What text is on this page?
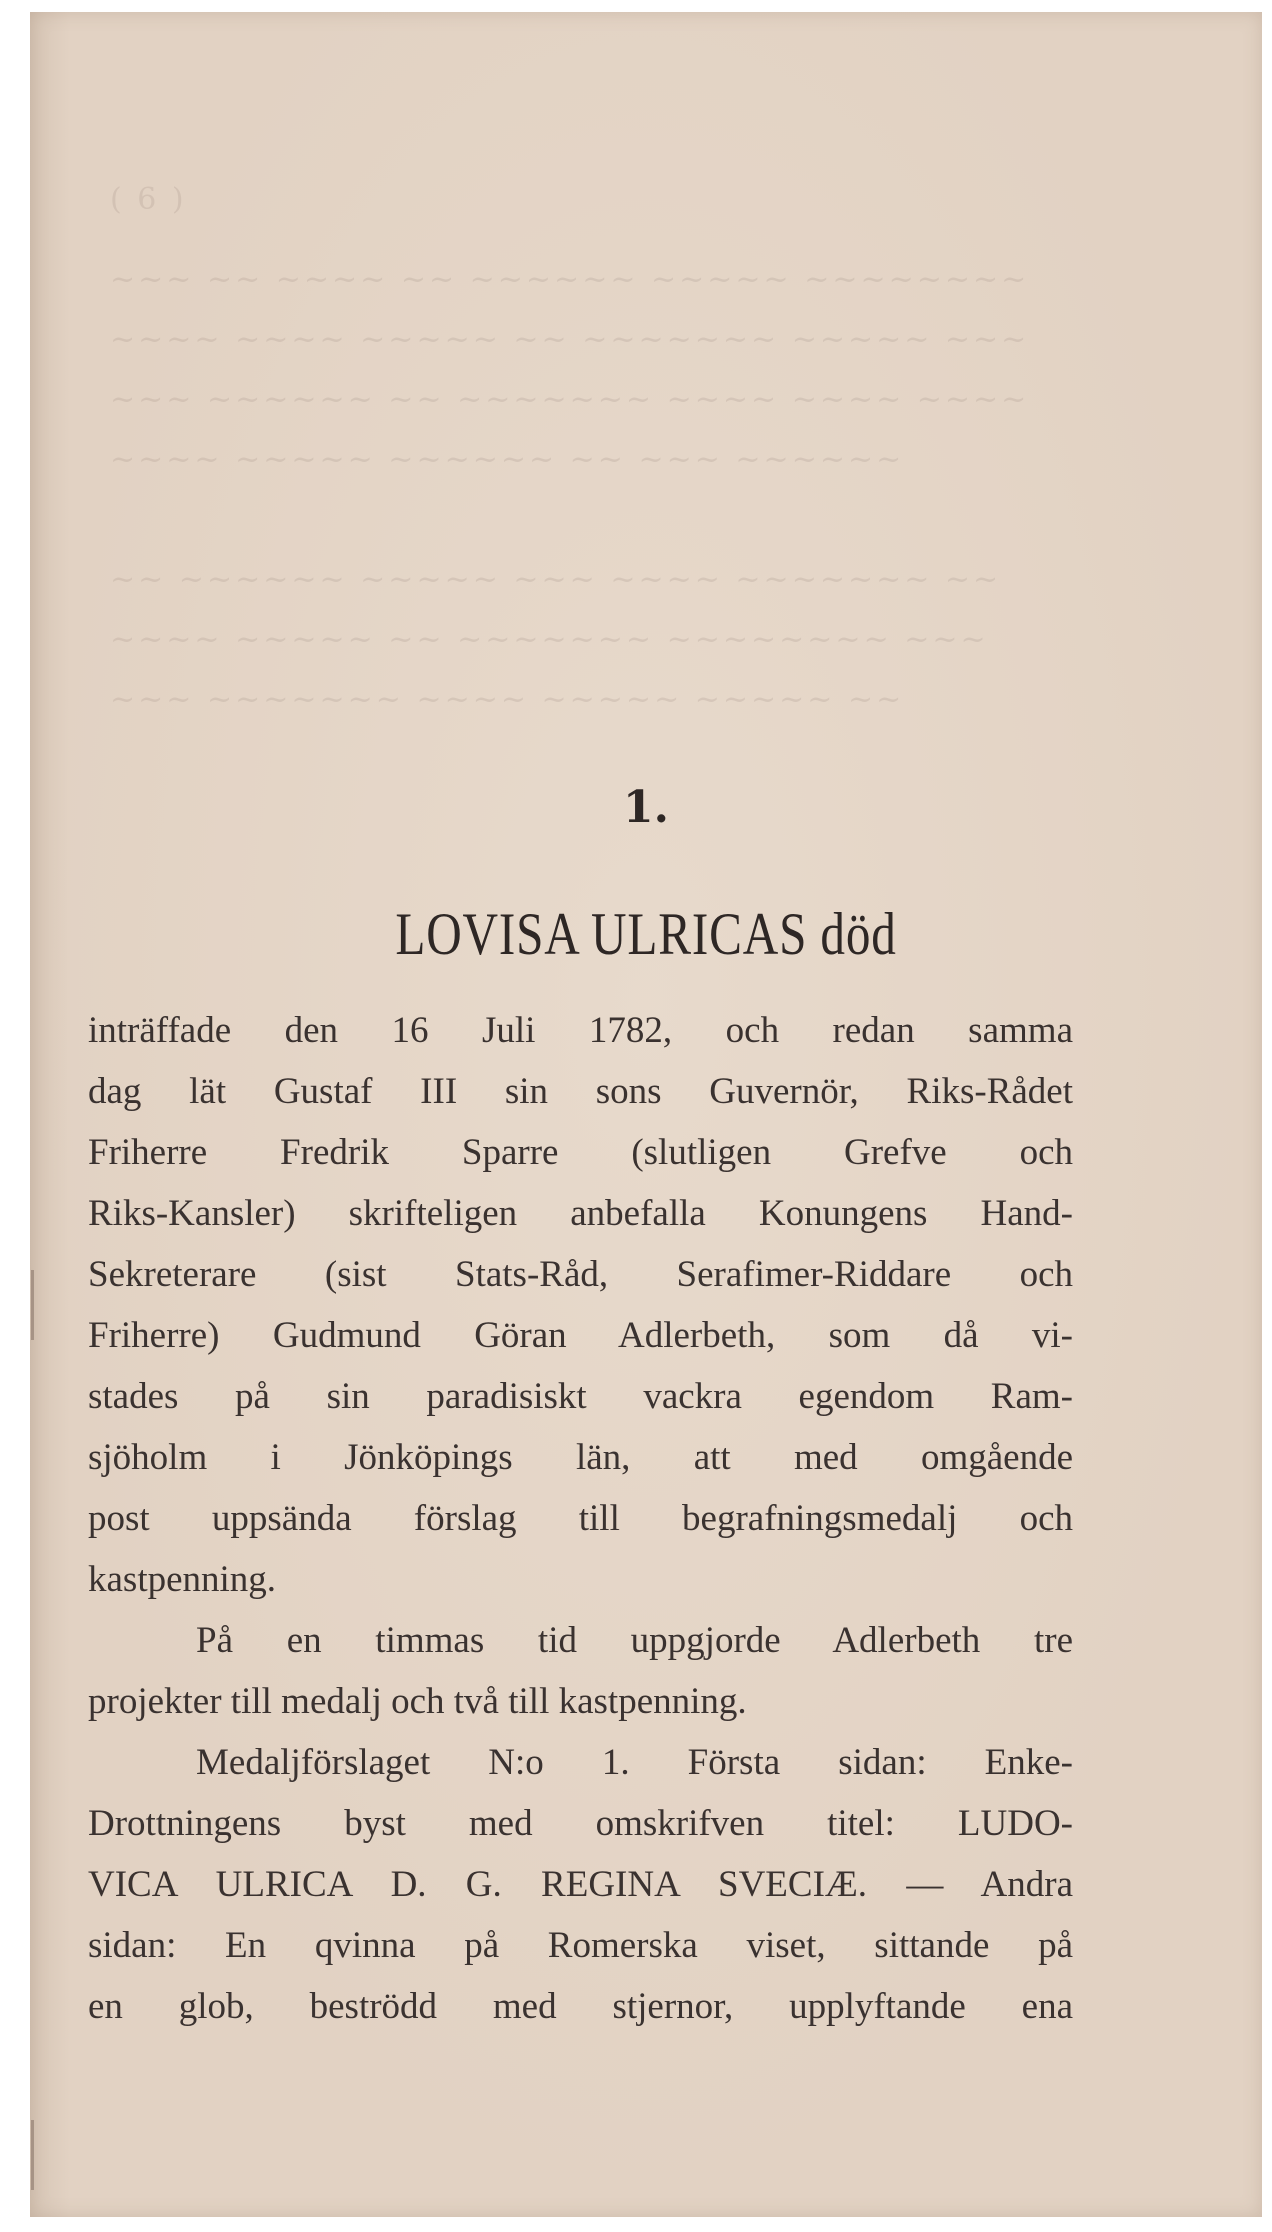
( 6 )
~~~ ~~ ~~~~ ~~ ~~~~~~ ~~~~~ ~~~~~~~~
~~~~ ~~~~ ~~~~~ ~~ ~~~~~~~ ~~~~~ ~~~
~~~ ~~~~~~ ~~ ~~~~~~~ ~~~~ ~~~~ ~~~~
~~~~ ~~~~~ ~~~~~~ ~~ ~~~ ~~~~~~
~~ ~~~~~~ ~~~~~ ~~~ ~~~~ ~~~~~~~ ~~
~~~~ ~~~~~ ~~ ~~~~~~~ ~~~~~~~~ ~~~
~~~ ~~~~~~~ ~~~~ ~~~~~ ~~~~~ ~~
1.
LOVISA ULRICAS död
inträffade den 16 Juli 1782, och redan samma
dag lät Gustaf III sin sons Guvernör, Riks-Rådet
Friherre Fredrik Sparre (slutligen Grefve och
Riks-Kansler) skrifteligen anbefalla Konungens Hand-
Sekreterare (sist Stats-Råd, Serafimer-Riddare och
Friherre) Gudmund Göran Adlerbeth, som då vi-
stades på sin paradisiskt vackra egendom Ram-
sjöholm i Jönköpings län, att med omgående
post uppsända förslag till begrafningsmedalj och
kastpenning.
På en timmas tid uppgjorde Adlerbeth tre
projekter till medalj och två till kastpenning.
Medaljförslaget N:o 1. Första sidan: Enke-
Drottningens byst med omskrifven titel: LUDO-
VICA ULRICA D. G. REGINA SVECIÆ. — Andra
sidan: En qvinna på Romerska viset, sittande på
en glob, beströdd med stjernor, upplyftande ena
